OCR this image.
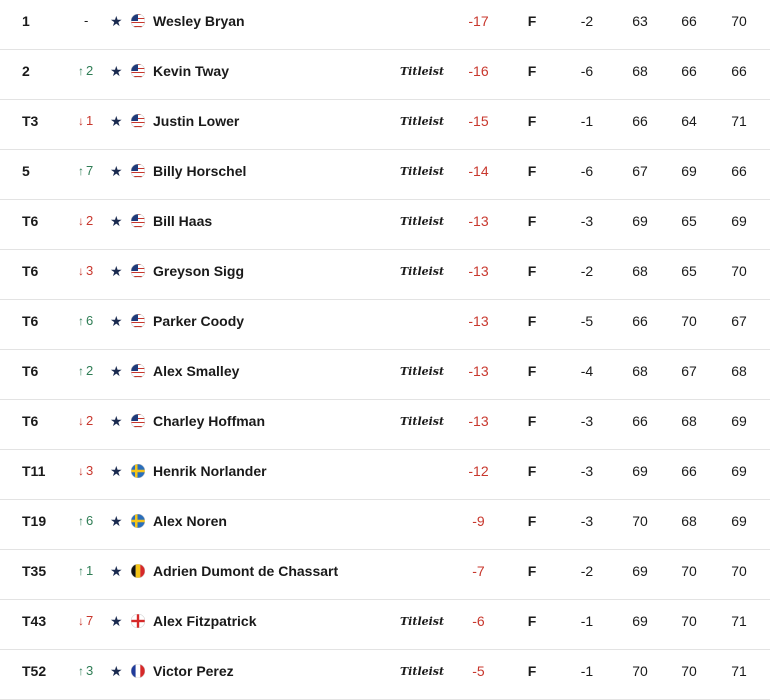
1	- ★ Wesley Bryan	-17	F	-2	63	66	70
2	↑ 2 ★ Kevin Tway	Titleist	-16	F	-6	68	66	66
T3	↓ 1 ★ Justin Lower	Titleist	-15	F	-1	66	64	71
5	↑ 7 ★ Billy Horschel	Titleist	-14	F	-6	67	69	66
T6	↓ 2 ★ Bill Haas	Titleist	-13	F	-3	69	65	69
T6	↓ 3 ★ Greyson Sigg	Titleist	-13	F	-2	68	65	70
T6	↑ 6 ★ Parker Coody	-13	F	-5	66	70	67
T6	↑ 2 ★ Alex Smalley	Titleist	-13	F	-4	68	67	68
T6	↓ 2 ★ Charley Hoffman	Titleist	-13	F	-3	66	68	69
T11	↓ 3 ★ Henrik Norlander	-12	F	-3	69	66	69
T19	↑ 6 ★ Alex Noren	-9	F	-3	70	68	69
T35	↑ 1 ★ Adrien Dumont de Chassart	-7	F	-2	69	70	70
T43	↓ 7 ★ Alex Fitzpatrick	Titleist	-6	F	-1	69	70	71
T52	↑ 3 ★ Victor Perez	Titleist	-5	F	-1	70	70	71
